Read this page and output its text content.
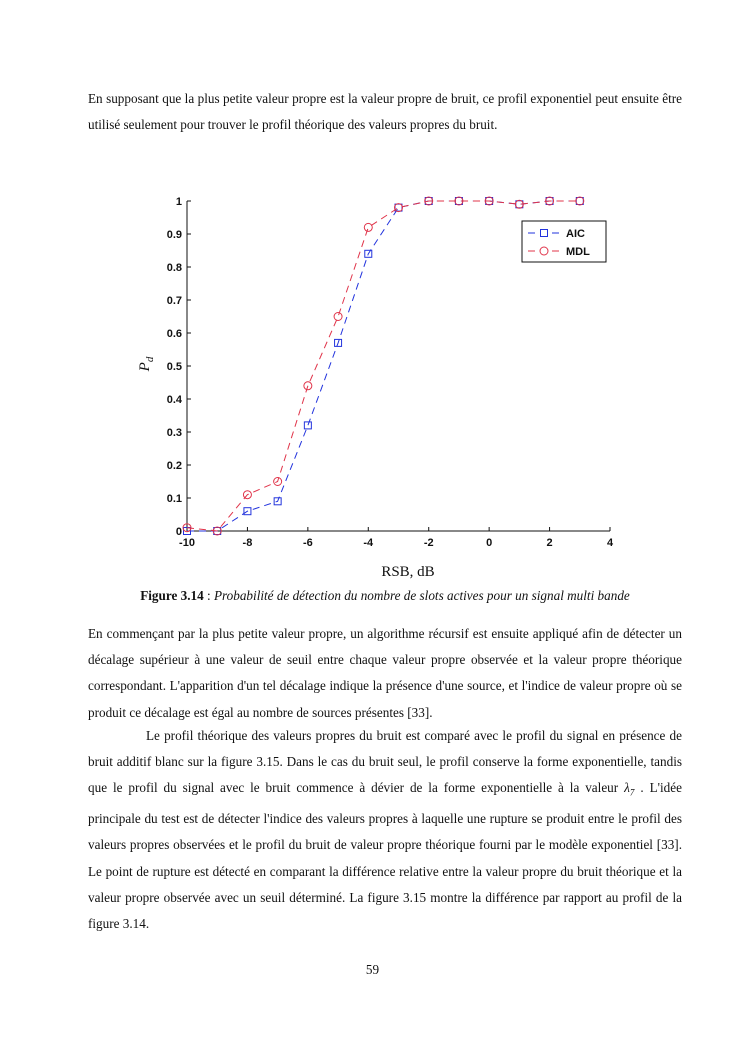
En supposant que la plus petite valeur propre est la valeur propre de bruit, ce profil exponentiel peut ensuite être utilisé seulement pour trouver le profil théorique des valeurs propres du bruit.

0
0.1
0.2
0.3
0.4
0.5
0.6
0.7
0.8
0.9
1
-10	-8	-6	-4	-2	0	2	4
AIC
MDL
RSB, dB
$P_d$
Figure 3.14 : Probabilité de détection du nombre de slots actives pour un signal multi bande

En commençant par la plus petite valeur propre, un algorithme récursif est ensuite appliqué afin de détecter un décalage supérieur à une valeur de seuil entre chaque valeur propre observée et la valeur propre théorique correspondant. L'apparition d'un tel décalage indique la présence d'une source, et l'indice de valeur propre où se produit ce décalage est égal au nombre de sources présentes [33].

Le profil théorique des valeurs propres du bruit est comparé avec le profil du signal en présence de bruit additif blanc sur la figure 3.15. Dans le cas du bruit seul, le profil conserve la forme exponentielle, tandis que le profil du signal avec le bruit commence à dévier de la forme exponentielle à la valeur $\lambda_7$ . L'idée principale du test est de détecter l'indice des valeurs propres à laquelle une rupture se produit entre le profil des valeurs propres observées et le profil du bruit de valeur propre théorique fourni par le modèle exponentiel [33]. Le point de rupture est détecté en comparant la différence relative entre la valeur propre du bruit théorique et la valeur propre observée avec un seuil déterminé. La figure 3.15 montre la différence par rapport au profil de la figure 3.14.

59
